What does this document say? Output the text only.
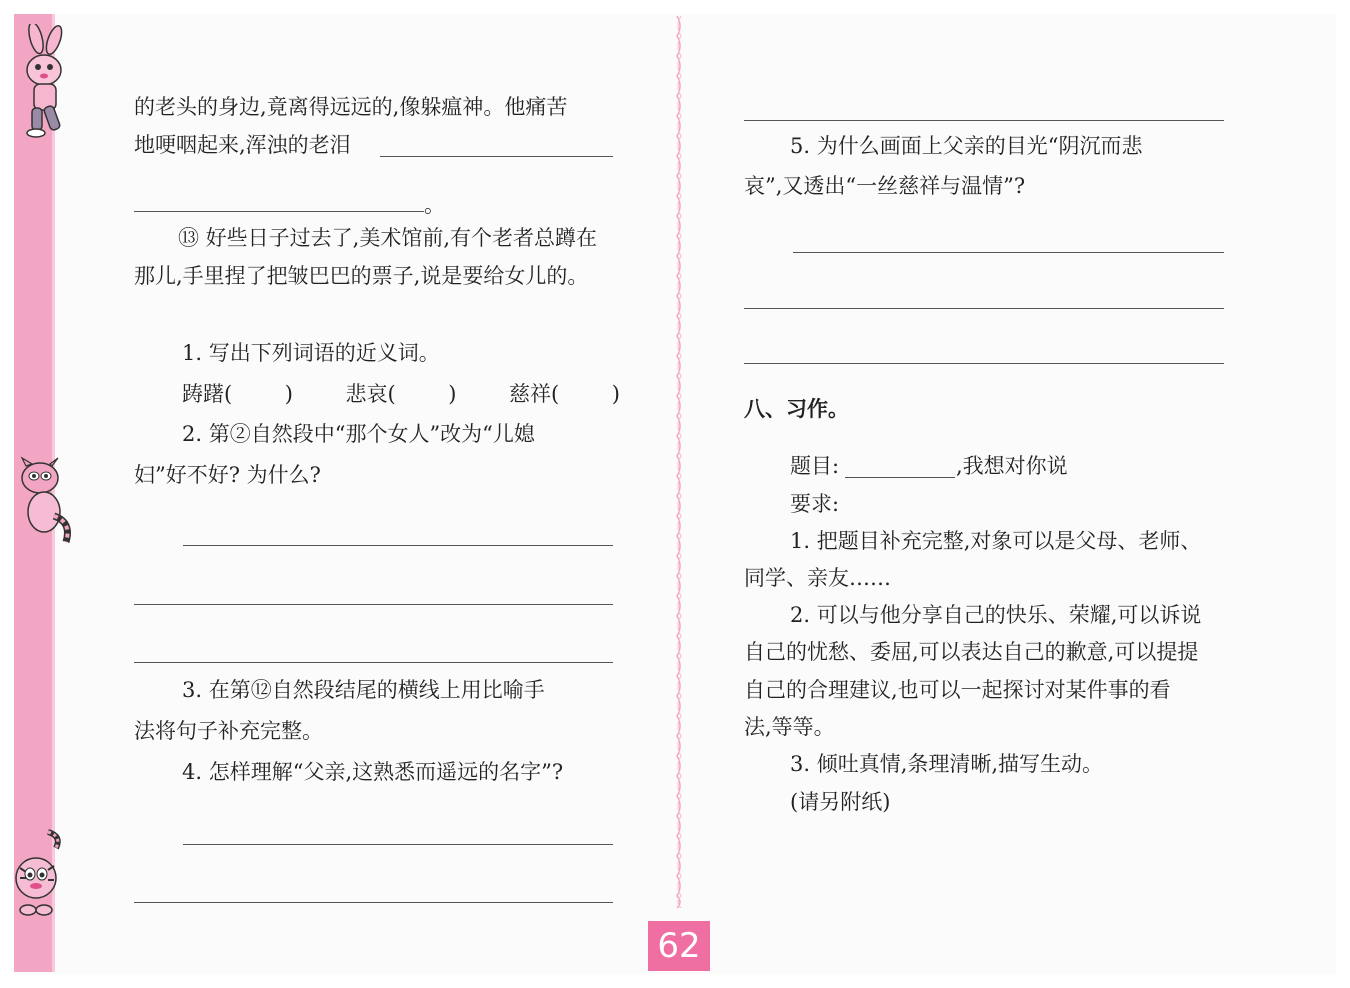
的老头的身边,竟离得远远的,像躲瘟神。他痛苦
地哽咽起来,浑浊的老泪
。
⑬ 好些日子过去了,美术馆前,有个老者总蹲在
那儿,手里捏了把皱巴巴的票子,说是要给女儿的。
1. 写出下列词语的近义词。
踌躇(	)	悲哀(	)	慈祥(	)
2. 第②自然段中“那个女人”改为“儿媳
妇”好不好? 为什么?
3. 在第⑫自然段结尾的横线上用比喻手
法将句子补充完整。
4. 怎样理解“父亲,这熟悉而遥远的名字”?
5. 为什么画面上父亲的目光“阴沉而悲
哀”,又透出“一丝慈祥与温情”?
八、习作。
题目:	,我想对你说
要求:
1. 把题目补充完整,对象可以是父母、老师、
同学、亲友……
2. 可以与他分享自己的快乐、荣耀,可以诉说
自己的忧愁、委屈,可以表达自己的歉意,可以提提
自己的合理建议,也可以一起探讨对某件事的看
法,等等。
3. 倾吐真情,条理清晰,描写生动。
(请另附纸)
62
